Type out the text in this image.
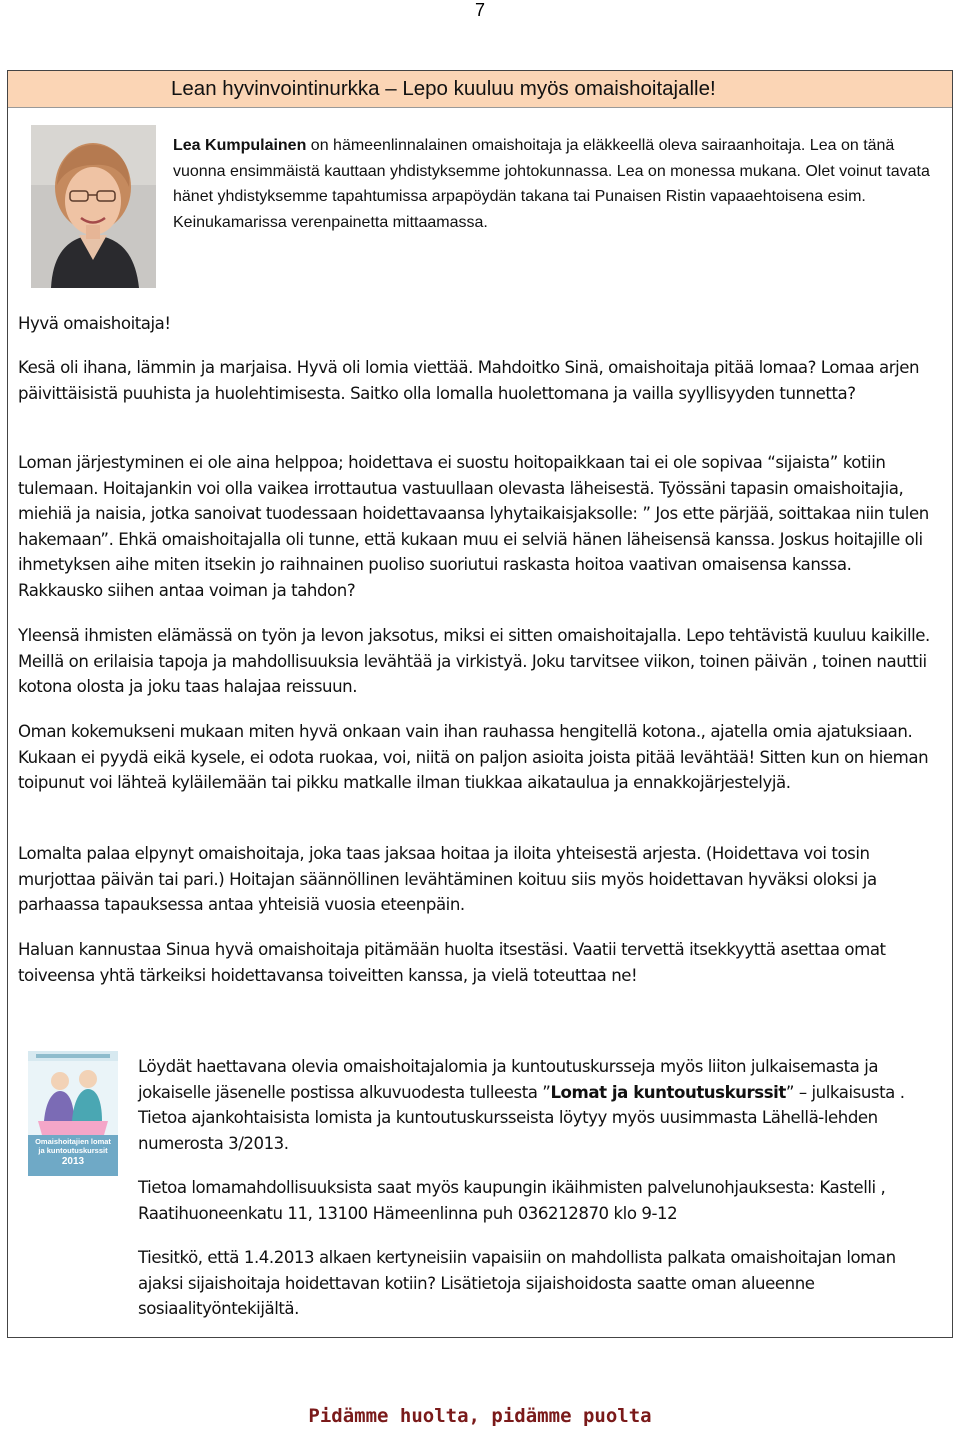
7
Lean hyvinvointinurkka – Lepo kuuluu myös omaishoitajalle!
Lea Kumpulainen on hämeenlinnalainen omaishoitaja ja eläkkeellä oleva sairaanhoitaja. Lea on tänä vuonna ensimmäistä kauttaan yhdistyksemme johtokunnassa. Lea on monessa mukana. Olet voinut tavata hänet yhdistyksemme tapahtumissa arpapöydän takana tai Punaisen Ristin vapaaehtoisena esim. Keinukamarissa verenpainetta mittaamassa.
Hyvä omaishoitaja!
Kesä oli ihana, lämmin ja marjaisa. Hyvä oli lomia viettää. Mahdoitko Sinä, omaishoitaja pitää lomaa? Lomaa arjen päivittäisistä puuhista ja huolehtimisesta. Saitko olla lomalla huolettomana ja vailla syyllisyyden tunnetta?
Loman järjestyminen ei ole aina helppoa; hoidettava ei suostu hoitopaikkaan tai ei ole sopivaa “sijaista” kotiin tulemaan. Hoitajankin voi olla vaikea irrottautua vastuullaan olevasta läheisestä. Työssäni tapasin omaishoitajia, miehiä ja naisia, jotka sanoivat tuodessaan hoidettavaansa lyhytaikaisjaksolle: ” Jos ette pärjää, soittakaa niin tulen hakemaan”. Ehkä omaishoitajalla oli tunne, että kukaan muu ei selviä hänen läheisensä kanssa. Joskus hoitajille oli ihmetyksen aihe miten itsekin jo raihnainen puoliso suoriutui raskasta hoitoa vaativan omaisensa kanssa. Rakkausko siihen antaa voiman ja tahdon?
Yleensä ihmisten elämässä on työn ja levon jaksotus, miksi ei sitten omaishoitajalla. Lepo tehtävistä kuuluu kaikille. Meillä on erilaisia tapoja ja mahdollisuuksia levähtää ja virkistyä. Joku tarvitsee viikon, toinen päivän , toinen nauttii kotona olosta ja joku taas halajaa reissuun.
Oman kokemukseni mukaan miten hyvä onkaan vain ihan rauhassa hengitellä kotona., ajatella omia ajatuksiaan. Kukaan ei pyydä eikä kysele, ei odota ruokaa, voi, niitä on paljon asioita joista pitää levähtää! Sitten kun on hieman toipunut voi lähteä kyläilemään tai pikku matkalle ilman tiukkaa aikataulua ja ennakkojärjestelyjä.
Lomalta palaa elpynyt omaishoitaja, joka taas jaksaa hoitaa ja iloita yhteisestä arjesta. (Hoidettava voi tosin murjottaa päivän tai pari.) Hoitajan säännöllinen levähtäminen koituu siis myös hoidettavan hyväksi oloksi ja parhaassa tapauksessa antaa yhteisiä vuosia eteenpäin.
Haluan kannustaa Sinua hyvä omaishoitaja pitämään huolta itsestäsi. Vaatii tervettä itsekkyyttä asettaa omat toiveensa yhtä tärkeiksi hoidettavansa toiveitten kanssa, ja vielä toteuttaa ne!
Omaishoitajien lomat
ja kuntoutuskurssit
2013
Löydät haettavana olevia omaishoitajalomia ja kuntoutuskursseja myös liiton julkaisemasta ja jokaiselle jäsenelle postissa alkuvuodesta tulleesta ”Lomat ja kuntoutuskurssit” – julkaisusta . Tietoa ajankohtaisista lomista ja kuntoutuskursseista löytyy myös uusimmasta Lähellä-lehden numerosta 3/2013.
Tietoa lomamahdollisuuksista saat myös kaupungin ikäihmisten palvelunohjauksesta: Kastelli , Raatihuoneenkatu 11, 13100 Hämeenlinna puh 036212870 klo 9-12
Tiesitkö, että 1.4.2013 alkaen kertyneisiin vapaisiin on mahdollista palkata omaishoitajan loman ajaksi sijaishoitaja hoidettavan kotiin? Lisätietoja sijaishoidosta saatte oman alueenne sosiaalityöntekijältä.
Pidämme huolta, pidämme puolta
